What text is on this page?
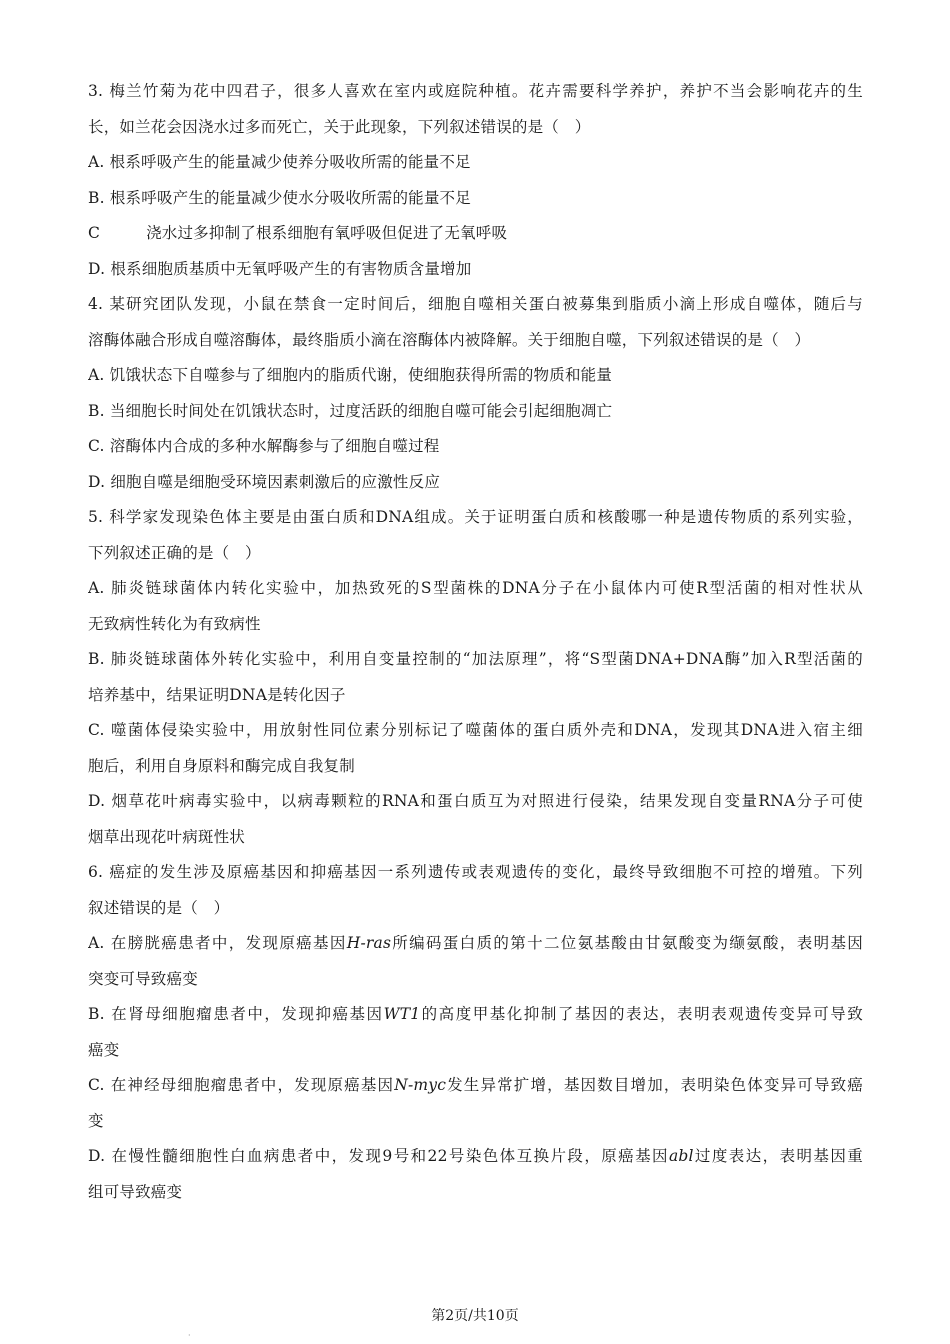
3. 梅兰竹菊为花中四君子，很多人喜欢在室内或庭院种植。花卉需要科学养护，养护不当会影响花卉的生
长，如兰花会因浇水过多而死亡，关于此现象，下列叙述错误的是（　）
A. 根系呼吸产生的能量减少使养分吸收所需的能量不足
B. 根系呼吸产生的能量减少使水分吸收所需的能量不足
C	浇水过多抑制了根系细胞有氧呼吸但促进了无氧呼吸
D. 根系细胞质基质中无氧呼吸产生的有害物质含量增加
4. 某研究团队发现，小鼠在禁食一定时间后，细胞自噬相关蛋白被募集到脂质小滴上形成自噬体，随后与
溶酶体融合形成自噬溶酶体，最终脂质小滴在溶酶体内被降解。关于细胞自噬，下列叙述错误的是（　）
A. 饥饿状态下自噬参与了细胞内的脂质代谢，使细胞获得所需的物质和能量
B. 当细胞长时间处在饥饿状态时，过度活跃的细胞自噬可能会引起细胞凋亡
C. 溶酶体内合成的多种水解酶参与了细胞自噬过程
D. 细胞自噬是细胞受环境因素刺激后的应激性反应
5. 科学家发现染色体主要是由蛋白质和DNA组成。关于证明蛋白质和核酸哪一种是遗传物质的系列实验，
下列叙述正确的是（　）
A. 肺炎链球菌体内转化实验中，加热致死的S型菌株的DNA分子在小鼠体内可使R型活菌的相对性状从
无致病性转化为有致病性
B. 肺炎链球菌体外转化实验中，利用自变量控制的“加法原理”，将“S型菌DNA+DNA酶”加入R型活菌的
培养基中，结果证明DNA是转化因子
C. 噬菌体侵染实验中，用放射性同位素分别标记了噬菌体的蛋白质外壳和DNA，发现其DNA进入宿主细
胞后，利用自身原料和酶完成自我复制
D. 烟草花叶病毒实验中，以病毒颗粒的RNA和蛋白质互为对照进行侵染，结果发现自变量RNA分子可使
烟草出现花叶病斑性状
6. 癌症的发生涉及原癌基因和抑癌基因一系列遗传或表观遗传的变化，最终导致细胞不可控的增殖。下列
叙述错误的是（　）
A. 在膀胱癌患者中，发现原癌基因H-ras所编码蛋白质的第十二位氨基酸由甘氨酸变为缬氨酸，表明基因
突变可导致癌变
B. 在肾母细胞瘤患者中，发现抑癌基因WT1的高度甲基化抑制了基因的表达，表明表观遗传变异可导致
癌变
C. 在神经母细胞瘤患者中，发现原癌基因N-myc发生异常扩增，基因数目增加，表明染色体变异可导致癌
变
D. 在慢性髓细胞性白血病患者中，发现9号和22号染色体互换片段，原癌基因abl过度表达，表明基因重
组可导致癌变
·
第2页/共10页
